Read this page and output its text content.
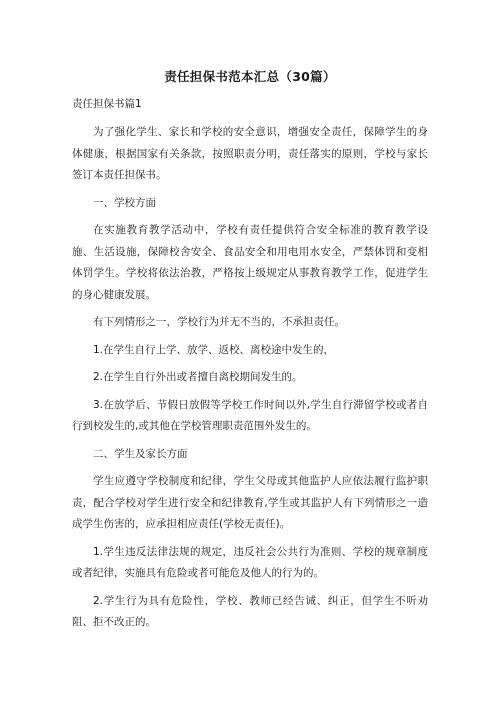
责任担保书范本汇总（30篇）
责任担保书篇1

为了强化学生、家长和学校的安全意识，增强安全责任，保障学生的身体健康，根据国家有关条款，按照职责分明，责任落实的原则，学校与家长签订本责任担保书。

一、学校方面

在实施教育教学活动中，学校有责任提供符合安全标准的教育教学设施、生活设施，保障校舍安全、食品安全和用电用水安全，严禁体罚和变相体罚学生。学校将依法治教，严格按上级规定从事教育教学工作，促进学生的身心健康发展。

有下列情形之一，学校行为并无不当的，不承担责任。

1.在学生自行上学、放学、返校、离校途中发生的，

2.在学生自行外出或者擅自离校期间发生的。

3.在放学后、节假日放假等学校工作时间以外,学生自行滞留学校或者自行到校发生的,或其他在学校管理职责范围外发生的。

二、学生及家长方面

学生应遵守学校制度和纪律，学生父母或其他监护人应依法履行监护职责，配合学校对学生进行安全和纪律教育,学生或其监护人有下列情形之一造成学生伤害的，应承担相应责任(学校无责任)。

1.学生违反法律法规的规定，违反社会公共行为准则、学校的规章制度或者纪律，实施具有危险或者可能危及他人的行为的。

2.学生行为具有危险性，学校、教师已经告诫、纠正，但学生不听劝阻、拒不改正的。
